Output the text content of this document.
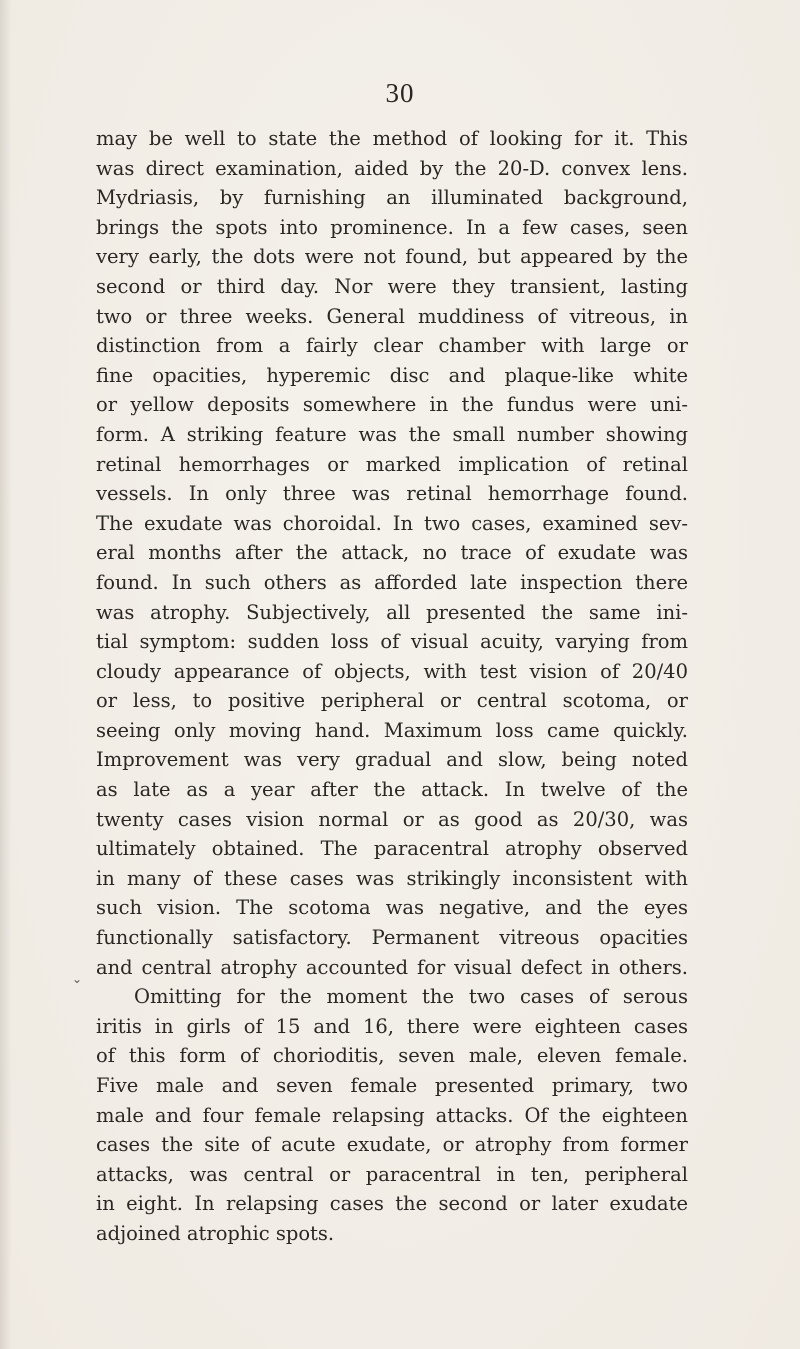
30
may be well to state the method of looking for it. This
was direct examination, aided by the 20-D. convex lens.
Mydriasis, by furnishing an illuminated background,
brings the spots into prominence. In a few cases, seen
very early, the dots were not found, but appeared by the
second or third day. Nor were they transient, lasting
two or three weeks. General muddiness of vitreous, in
distinction from a fairly clear chamber with large or
fine opacities, hyperemic disc and plaque-like white
or yellow deposits somewhere in the fundus were uni-
form. A striking feature was the small number showing
retinal hemorrhages or marked implication of retinal
vessels. In only three was retinal hemorrhage found.
The exudate was choroidal. In two cases, examined sev-
eral months after the attack, no trace of exudate was
found. In such others as afforded late inspection there
was atrophy. Subjectively, all presented the same ini-
tial symptom: sudden loss of visual acuity, varying from
cloudy appearance of objects, with test vision of 20/40
or less, to positive peripheral or central scotoma, or
seeing only moving hand. Maximum loss came quickly.
Improvement was very gradual and slow, being noted
as late as a year after the attack. In twelve of the
twenty cases vision normal or as good as 20/30, was
ultimately obtained. The paracentral atrophy observed
in many of these cases was strikingly inconsistent with
such vision. The scotoma was negative, and the eyes
functionally satisfactory. Permanent vitreous opacities
and central atrophy accounted for visual defect in others.
Omitting for the moment the two cases of serous
iritis in girls of 15 and 16, there were eighteen cases
of this form of chorioditis, seven male, eleven female.
Five male and seven female presented primary, two
male and four female relapsing attacks. Of the eighteen
cases the site of acute exudate, or atrophy from former
attacks, was central or paracentral in ten, peripheral
in eight. In relapsing cases the second or later exudate
adjoined atrophic spots.
⌄
